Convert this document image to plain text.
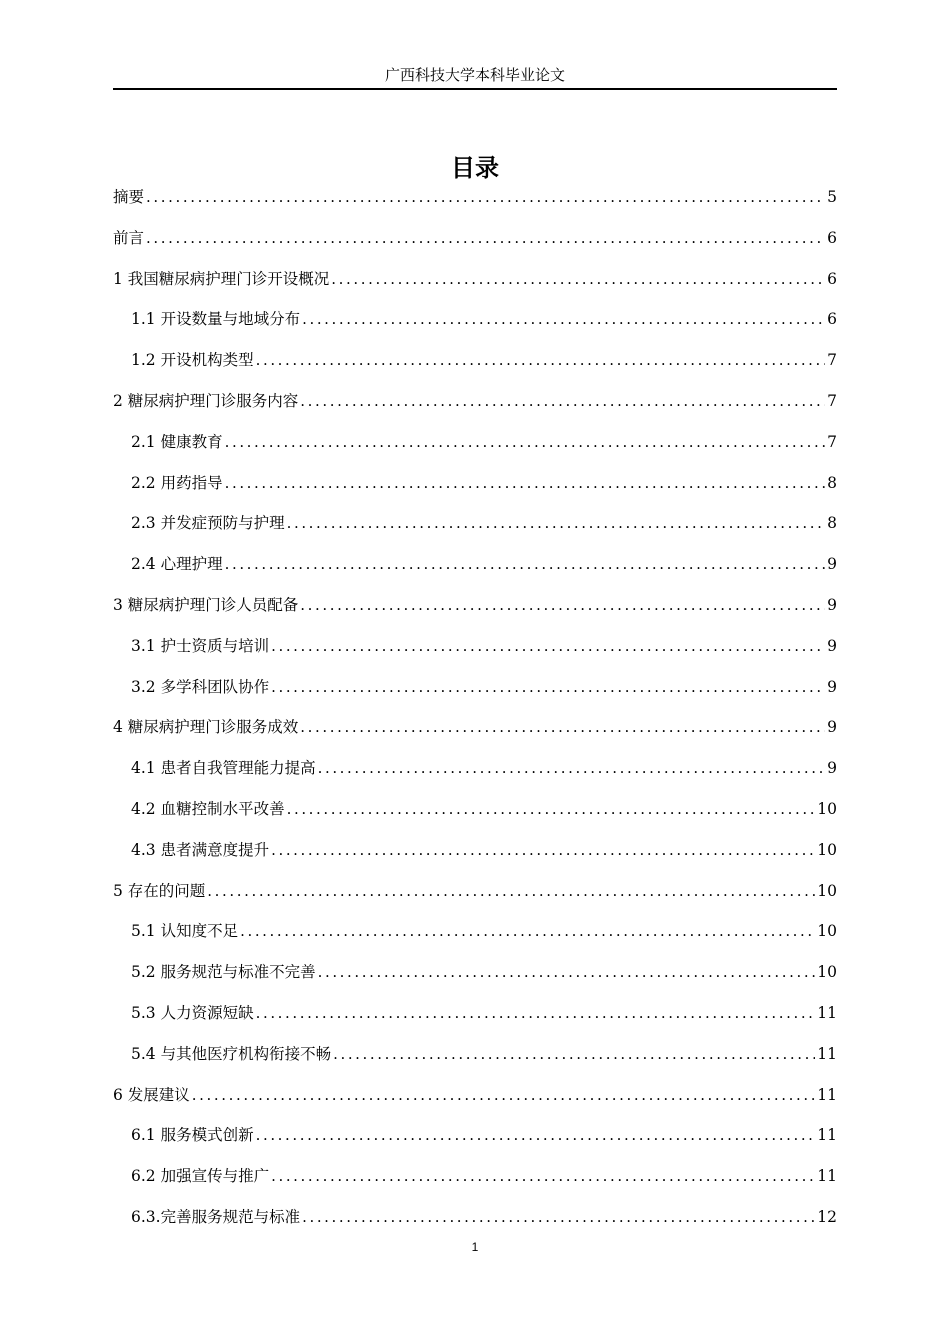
广西科技大学本科毕业论文
目录
摘要 .....	5
前言 .....	6
1 我国糖尿病护理门诊开设概况 .....	6
1.1 开设数量与地域分布 .....	6
1.2 开设机构类型 .....	7
2 糖尿病护理门诊服务内容 .....	7
2.1 健康教育 .....	7
2.2 用药指导 .....	8
2.3 并发症预防与护理 .....	8
2.4 心理护理 .....	9
3 糖尿病护理门诊人员配备 .....	9
3.1 护士资质与培训 .....	9
3.2 多学科团队协作 .....	9
4 糖尿病护理门诊服务成效 .....	9
4.1 患者自我管理能力提高 .....	9
4.2 血糖控制水平改善 .....	10
4.3 患者满意度提升 .....	10
5 存在的问题 .....	10
5.1 认知度不足 .....	10
5.2 服务规范与标准不完善 .....	10
5.3 人力资源短缺 .....	11
5.4 与其他医疗机构衔接不畅 .....	11
6 发展建议 .....	11
6.1 服务模式创新 .....	11
6.2 加强宣传与推广 .....	11
6.3.完善服务规范与标准 .....	12
1
